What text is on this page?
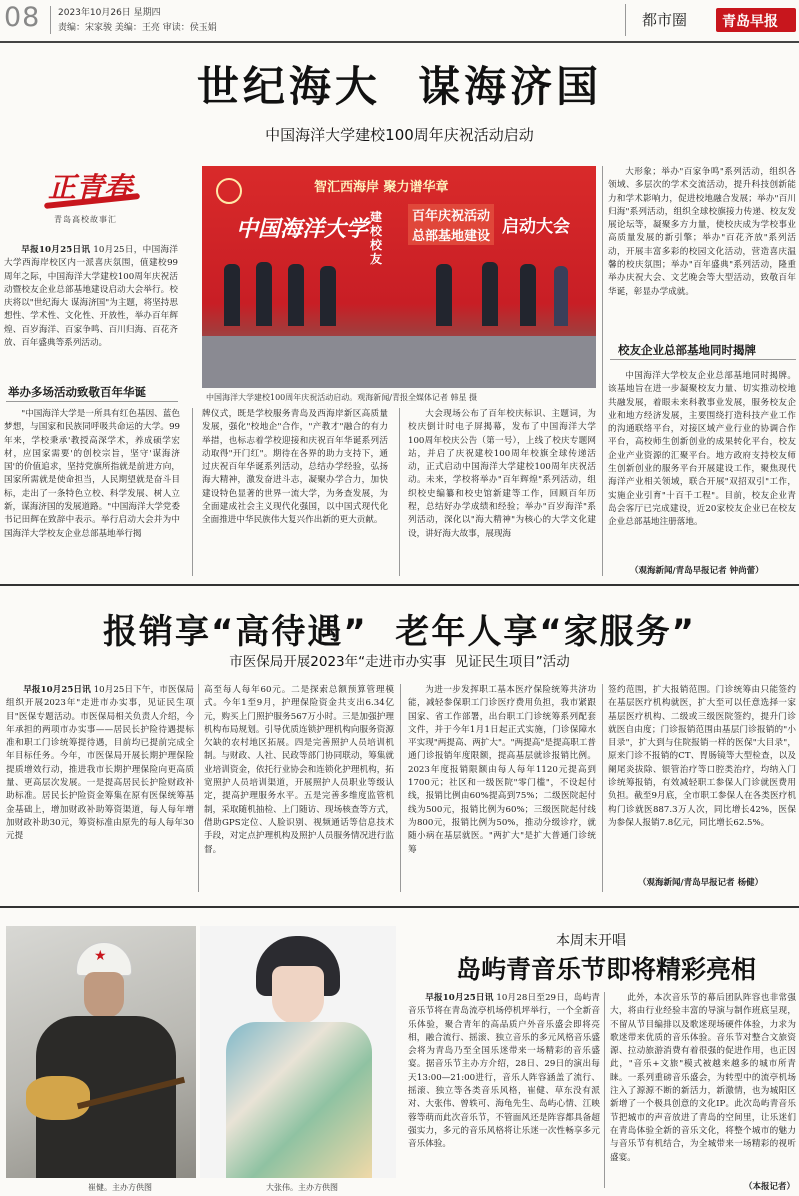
08 2023年10月26日 星期四
责编：宋家骏 美编：王亮 审读：侯玉娟	都市圈 青岛早报
世纪海大  谋海济国
中国海洋大学建校100周年庆祝活动启动
正青春
青岛高校故事汇

早报10月25日讯 10月25日，中国海洋大学西海岸校区内一派喜庆氛围，值建校99周年之际，中国海洋大学建校100周年庆祝活动暨校友企业总部基地建设启动大会举行。校庆将以"世纪海大 谋海济国"为主题，将坚持思想性、学术性、文化性、开放性，举办百年辉煌、百岁海洋、百家争鸣、百川归海、百花齐放、百年盛典等系列活动。

举办多场活动致敬百年华诞
智汇西海岸 聚力谱华章
中国海洋大学 建校 校友
百年庆祝活动
总部基地建设 启动大会
中国海洋大学建校100周年庆祝活动启动。观海新闻/青报全媒体记者 韩星 摄

大形象；举办"百家争鸣"系列活动，组织各领域、多层次的学术交流活动，提升科技创新能力和学术影响力，促进校地融合发展；举办"百川归海"系列活动，组织全球校旗接力传递、校友发展论坛等，凝聚多方力量，使校庆成为学校事业高质量发展的新引擎；举办"百花齐放"系列活动，开展丰富多彩的校园文化活动，营造喜庆温馨的校庆氛围；举办"百年盛典"系列活动，隆重举办庆祝大会、文艺晚会等大型活动，致敬百年华诞，彰显办学成就。

校友企业总部基地同时揭牌

中国海洋大学校友企业总部基地同时揭牌。该基地旨在进一步凝聚校友力量、切实推动校地共融发展，着眼未来科教事业发展，服务校友企业和地方经济发展，主要围绕打造科技产业工作的沟通联络平台，对接区域产业行业的协调合作平台，高校师生创新创业的成果转化平台，校友企业产业资源的汇聚平台。地方政府支持校友师生创新创业的服务平台开展建设工作，聚焦现代海洋产业相关领域，联合开展"双招双引"工作，实施企业引育"十百千工程"。目前，校友企业青岛会客厅已完成建设，近20家校友企业已在校友企业总部基地注册落地。

（观海新闻/青岛早报记者 钟尚蕾）

"中国海洋大学是一所具有红色基因、蓝色梦想，与国家和民族同呼吸共命运的大学。99年来，学校秉承'教授高深学术，养成硕学宏材，应国家需要'的创校宗旨，坚守'谋海济国'的价值追求，坚持党旗所指就是前进方向，国家所需就是使命担当，人民期望就是奋斗目标，走出了一条特色立校、科学发展、树人立新，谋海济国的发展道路。"中国海洋大学党委书记田辉在致辞中表示。举行启动大会并为中国海洋大学校友企业总部基地举行揭

牌仪式，既是学校服务青岛及西海岸新区高质量发展，强化"校地企"合作，"产教才"融合的有力举措，也标志着学校迎接和庆祝百年华诞系列活动取得"开门红"。期待在各界的助力支持下，通过庆祝百年华诞系列活动，总结办学经验，弘扬海大精神，激发奋进斗志，凝聚办学合力，加快建设特色显著的世界一流大学，为务查发展，为全面建成社会主义现代化强国，以中国式现代化全面推进中华民族伟大复兴作出新的更大贡献。

大会现场公布了百年校庆标识、主题词，为校庆倒计时电子屏揭幕，发布了中国海洋大学100周年校庆公告（第一号），上线了校庆专题网站，并启了庆祝建校100周年校旗全球传递活动，正式启动中国海洋大学建校100周年庆祝活动。未来，学校将举办"百年辉煌"系列活动，组织校史编纂和校史馆新建等工作，回顾百年历程，总结好办学成绩和经验；举办"百岁海洋"系列活动，深化以"海大精神"为核心的大学文化建设，讲好海大故事，展现海

报销享“高待遇”  老年人享“家服务”
市医保局开展2023年“走进市办实事  见证民生项目”活动

早报10月25日讯 10月25日下午，市医保局组织开展2023年"走进市办实事，见证民生项目"医保专题活动。市医保局相关负责人介绍，今年承担的两项市办实事——居民长护险待遇提标准和职工门诊统筹提待遇，目前均已提前完成全年目标任务。今年，市医保局开展长期护理保险提质增效行动，推进我市长期护理保险向更高质量、更高层次发展。一是提高居民长护险财政补助标准。居民长护险资金筹集在原有医保统筹基金基础上，增加财政补助筹资渠道，每人每年增加财政补助30元，筹资标准由原先的每人每年30元提

高至每人每年60元。二是探索总额预算管理模式。今年1至9月，护理保险资金共支出6.34亿元，购买上门照护服务567万小时。三是加强护理机构布局规划。引导优质连锁护理机构向服务资源欠缺的农村地区拓展。四是完善照护人员培训机制。与财政、人社、民政等部门协同联动，筹集就业培训资金，依托行业协会和连锁化护理机构，拓宽照护人员培训渠道，开展照护人员职业等级认定，提高护理服务水平。五是完善多维度监管机制，采取随机抽检、上门随访、现场核查等方式，借助GPS定位、人脸识别、视频通话等信息技术手段，对定点护理机构及照护人员服务情况进行监督。

为进一步发挥职工基本医疗保险统筹共济功能，减轻参保职工门诊医疗费用负担，我市紧跟国家、省工作部署，出台职工门诊统筹系列配套文件，并于今年1月1日起正式实施，门诊保障水平实现"两提高、两扩大"。"两提高"是提高职工普通门诊报销年度限额，提高基层就诊报销比例。2023年度报销限额由每人每年1120元提高到1700元；社区和一级医院"零门槛"，不设起付线，报销比例由60%提高到75%；二级医院起付线为500元，报销比例为60%；三级医院起付线为800元，报销比例为50%，推动分级诊疗，就随小病在基层就医。"两扩大"是扩大普通门诊统筹

签约范围，扩大报销范围。门诊统筹由只能签约在基层医疗机构就医，扩大至可以任意选择一家基层医疗机构、二级或三级医院签约，提升门诊就医自由度；门诊报销范围由基层门诊报销的"小目录"，扩大到与住院报销一样的医保"大目录"，原来门诊不报销的CT、胃肠镜等大型检查，以及阑尾炎拔除、银管治疗等口腔类治疗，均纳入门诊统筹报销，有效减轻职工参保人门诊就医费用负担。截至9月底，全市职工参保人在各类医疗机构门诊就医887.3万人次，同比增长42%，医保为参保人报销7.8亿元，同比增长62.5%。

（观海新闻/青岛早报记者 杨健）
★
崔健。主办方供图	大张伟。主办方供图
本周末开唱
岛屿青音乐节即将精彩亮相

早报10月25日讯 10月28日至29日，岛屿青音乐节将在青岛流亭机场停机坪举行，一个全新音乐体验，聚合青年的高品质户外音乐盛会即将亮相，融合流行、摇滚、独立音乐的多元风格音乐盛会将为青岛乃至全国乐迷带来一场精彩的音乐盛宴。据音乐节主办方介绍，28日、29日的演出每天13:00—21:00进行，音乐人阵容涵盖了流行、摇滚、独立等各类音乐风格，崔健、草东没有派对、大张伟、曾轶可、海龟先生、岛屿心情、江映蓉等萌而此次音乐节，不管面风还是阵容都具备超强实力，多元的音乐风格将让乐迷一次性畅享多元音乐体验。

此外，本次音乐节的幕后团队阵容也非常强大，将由行业经验丰富的导演与制作班底呈现，不留从节目编排以及歌迷现场硬件体验，力求为歌迷带来优质的音乐体验。音乐节对整合文旅资源、拉动旅游消费有着很强的促进作用，也正因此，"音乐+文旅"模式被越来越多的城市所青睐。一系列重磅音乐盛会，为转型中的流亭机场注入了源源不断的新活力，新激情，也为城阳区新增了一个极具创意的文化IP。此次岛屿青音乐节把城市的声音放进了青岛的空间里，让乐迷们在青岛体验全新的音乐文化，将整个城市的魅力与音乐节有机结合，为全城带来一场精彩的视听盛宴。

（本报记者）
